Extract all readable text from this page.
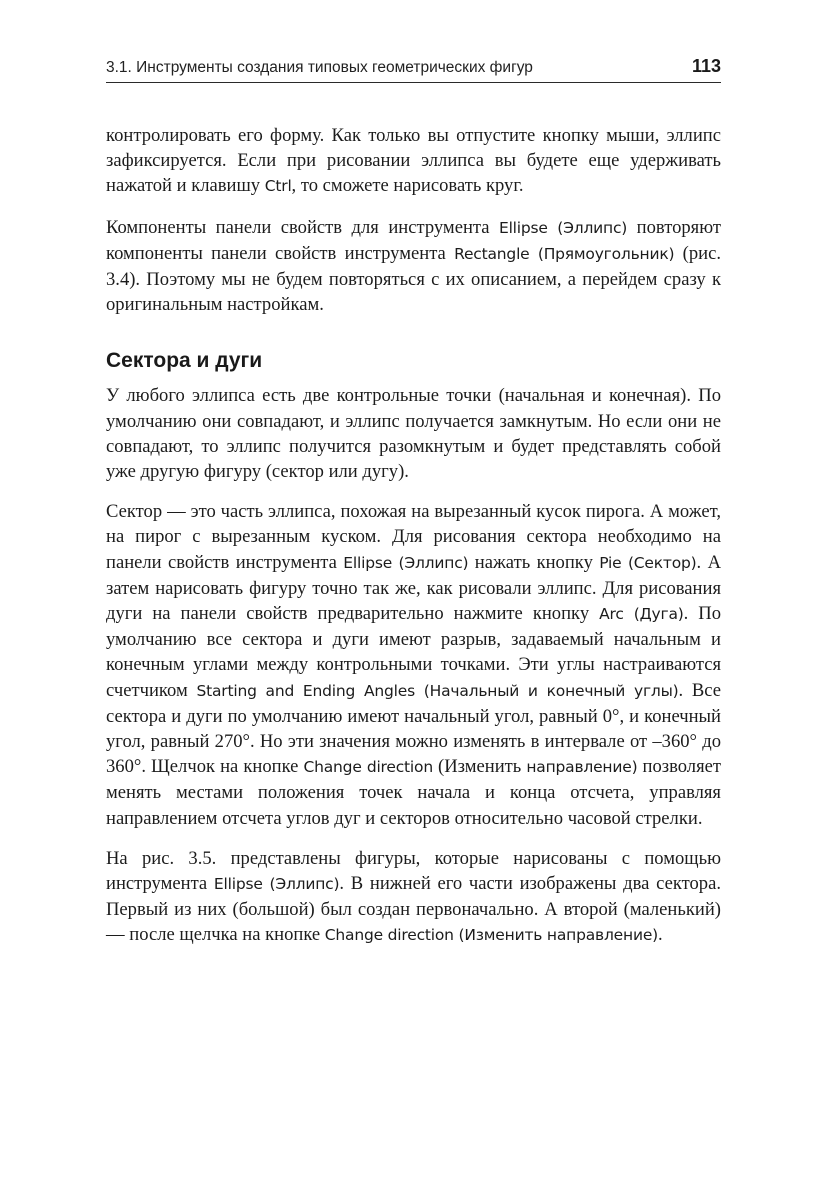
3.1. Инструменты создания типовых геометрических фигур	113

контролировать его форму. Как только вы отпустите кнопку мыши, эллипс зафиксируется. Если при рисовании эллипса вы будете еще удерживать нажатой и клавишу Ctrl, то сможете нарисовать круг.

Компоненты панели свойств для инструмента Ellipse (Эллипс) повторяют компоненты панели свойств инструмента Rectangle (Прямоугольник) (рис. 3.4). Поэтому мы не будем повторяться с их описанием, а перейдем сразу к оригинальным настройкам.

Сектора и дуги

У любого эллипса есть две контрольные точки (начальная и конечная). По умолчанию они совпадают, и эллипс получается замкнутым. Но если они не совпадают, то эллипс получится разомкнутым и будет представлять собой уже другую фигуру (сектор или дугу).

Сектор — это часть эллипса, похожая на вырезанный кусок пирога. А может, на пирог с вырезанным куском. Для рисования сектора необходимо на панели свойств инструмента Ellipse (Эллипс) нажать кнопку Pie (Сектор). А затем нарисовать фигуру точно так же, как рисовали эллипс. Для рисования дуги на панели свойств предварительно нажмите кнопку Arc (Дуга). По умолчанию все сектора и дуги имеют разрыв, задаваемый начальным и конечным углами между контрольными точками. Эти углы настраиваются счетчиком Starting and Ending Angles (Начальный и конечный углы). Все сектора и дуги по умолчанию имеют начальный угол, равный 0°, и конечный угол, равный 270°. Но эти значения можно изменять в интервале от –360° до 360°. Щелчок на кнопке Change direction (Изменить направление) позволяет менять местами положения точек начала и конца отсчета, управляя направлением отсчета углов дуг и секторов относительно часовой стрелки.

На рис. 3.5. представлены фигуры, которые нарисованы с помощью инструмента Ellipse (Эллипс). В нижней его части изображены два сектора. Первый из них (большой) был создан первоначально. А второй (маленький) — после щелчка на кнопке Change direction (Изменить направление).
